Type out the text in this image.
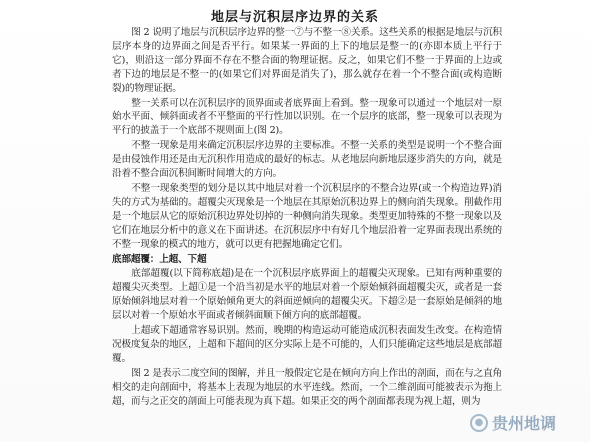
地层与沉积层序边界的关系

图 2 说明了地层与沉积层序边界的整一⑦与不整一⑧关系。这些关系的根据是地层与沉积层序本身的边界面之间是否平行。如果某一界面的上下的地层是整一的(亦即本质上平行于它)，则沿这一部分界面不存在不整合面的物理证据。反之，如果它们不整一于界面的上边或者下边的地层是不整一的(如果它们对界面是消失了)，那么就存在着一个不整合面(或构造断裂)的物理证据。

整一关系可以在沉积层序的顶界面或者底界面上看到。整一现象可以通过一个地层对一原始水平面、倾斜面或者不平整面的平行性加以识别。在一个层序的底部，整一现象可以表现为平行的披盖于一个底部不规则面上(图 2)。

不整一现象是用来确定沉积层序边界的主要标准。不整一关系的类型是说明一个不整合面是由侵蚀作用还是由无沉积作用造成的最好的标志。从老地层向新地层逐步消失的方向，就是沿着不整合面沉积间断时间增大的方向。

不整一现象类型的划分是以其中地层对着一个沉积层序的不整合边界(或一个构造边界)消失的方式为基础的。超覆尖灭现象是一个地层在其原始沉积边界上的侧向消失现象。削截作用是一个地层从它的原始沉积边界处切掉的一种侧向消失现象。类型更加特殊的不整一现象以及它们在地层分析中的意义在下面讲述。在沉积层序中有好几个地层沿着一定界面表现出系统的不整一现象的模式的地方，就可以更有把握地确定它们。

底部超覆：上超、下超

底部超覆(以下简称底超)是在一个沉积层序底界面上的超覆尖灭现象。已知有两种重要的超覆尖灭类型。上超①是一个沿当初是水平的地层对着一个原始倾斜面超覆尖灭，或者是一套原始倾斜地层对着一个原始倾角更大的斜面逆倾向的超覆尖灭。下超②是一套原始是倾斜的地层以对着一个原始水平面或者倾斜面顺下倾方向的底部超覆。

上超或下超通常容易识别。然而，晚期的构造运动可能造成沉积表面发生改变。在构造情况极度复杂的地区，上超和下超间的区分实际上是不可能的，人们只能确定这些地层是底部超覆。

图 2 是表示二度空间的图解，并且一般假定它是在倾向方向上作出的剖面，而在与之直角相交的走向剖面中，将基本上表现为地层的水平连线。然而，一个二维剖面可能被表示为拖上超，而与之正交的剖面上可能表现为真下超。如果正交的两个剖面都表现为视上超，则为

● 贵州地调
